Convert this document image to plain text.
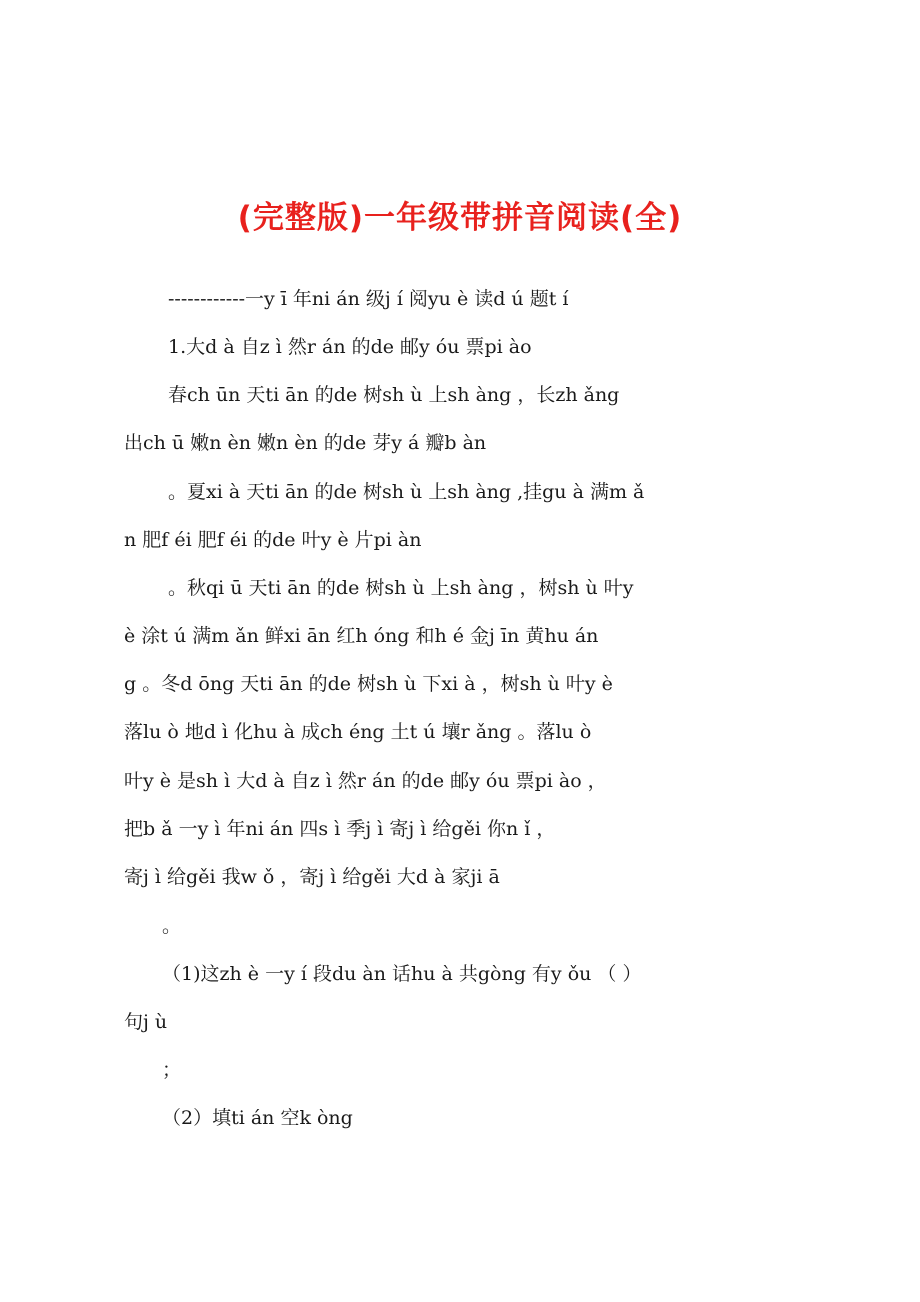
(完整版)一年级带拼音阅读(全)
------------一y ī 年ni án 级j í 阅yu è 读d ú 题t í
1.大d à 自z ì 然r án 的de 邮y óu 票pi ào
春ch ūn 天ti ān 的de 树sh ù 上sh àng ，长zh ǎng
出ch ū 嫩n èn 嫩n èn 的de 芽y á 瓣b àn
。夏xi à 天ti ān 的de 树sh ù 上sh àng ,挂gu à 满m ǎ
n 肥f éi 肥f éi 的de 叶y è 片pi àn
。秋qi ū 天ti ān 的de 树sh ù 上sh àng ，树sh ù 叶y
è 涂t ú 满m ǎn 鲜xi ān 红h óng 和h é 金j īn 黄hu án
g 。冬d ōng 天ti ān 的de 树sh ù 下xi à ，树sh ù 叶y è
落lu ò 地d ì 化hu à 成ch éng 土t ú 壤r ǎng 。落lu ò
叶y è 是sh ì 大d à 自z ì 然r án 的de 邮y óu 票pi ào ，
把b ǎ 一y ì 年ni án 四s ì 季j ì 寄j ì 给gěi 你n ǐ ，
寄j ì 给gěi 我w ǒ ，寄j ì 给gěi 大d à 家ji ā
。
（1)这zh è 一y í 段du àn 话hu à 共gòng 有y ǒu （ ）
句j ù
；
（2）填ti án 空k òng
